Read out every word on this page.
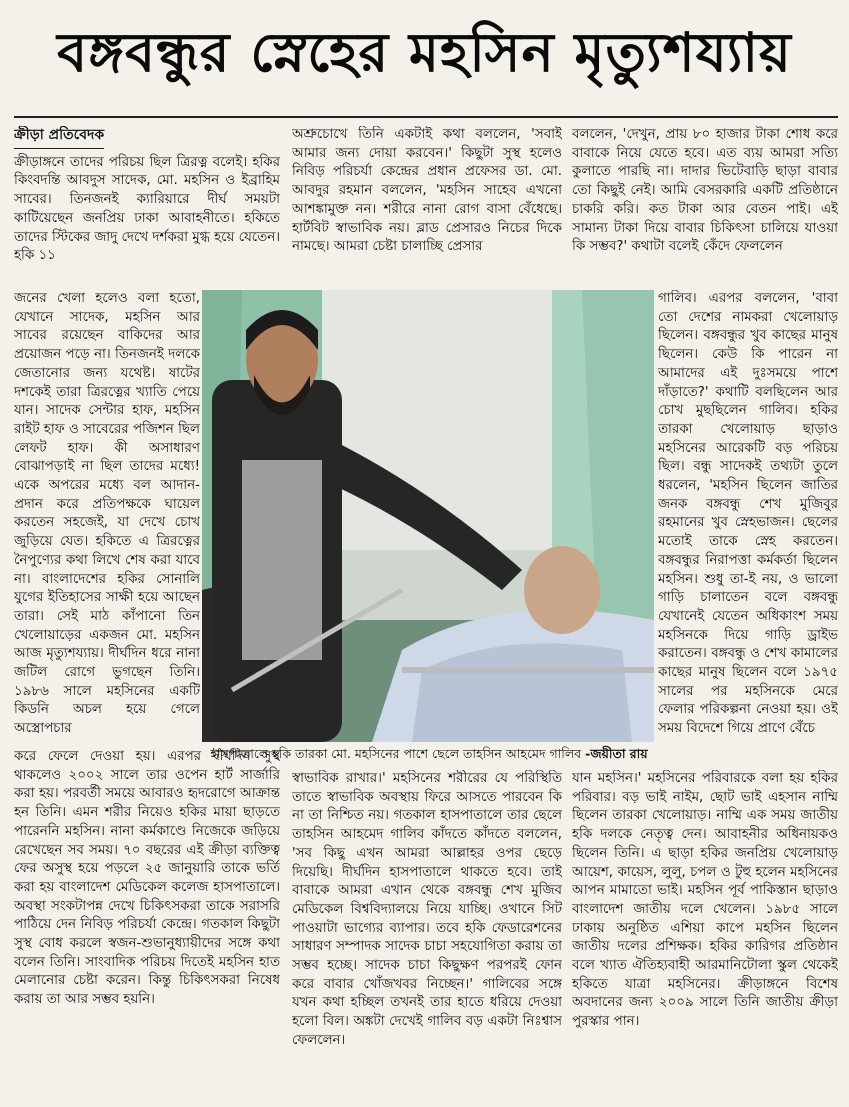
বঙ্গবন্ধুর স্নেহের মহসিন মৃত্যুশয্যায়
ক্রীড়া প্রতিবেদক

ক্রীড়াঙ্গনে তাদের পরিচয় ছিল ত্রিরত্ন বলেই। হকির কিংবদন্তি আবদুস সাদেক, মো. মহসিন ও ইব্রাহিম সাবের। তিনজনই ক্যারিয়ারে দীর্ঘ সময়টা কাটিয়েছেন জনপ্রিয় ঢাকা আবাহনীতে। হকিতে তাদের স্টিকের জাদু দেখে দর্শকরা মুগ্ধ হয়ে যেতেন। হকি ১১

জনের খেলা হলেও বলা হতো, যেখানে সাদেক, মহসিন আর সাবের রয়েছেন বাকিদের আর প্রয়োজন পড়ে না। তিনজনই দলকে জেতানোর জন্য যথেষ্ট। ষাটের দশকেই তারা ত্রিরত্নের খ্যাতি পেয়ে যান। সাদেক সেন্টার হাফ, মহসিন রাইট হাফ ও সাবেরের পজিশন ছিল লেফট হাফ। কী অসাধারণ বোঝাপড়াই না ছিল তাদের মধ্যে! একে অপরের মধ্যে বল আদান-প্রদান করে প্রতিপক্ষকে ঘায়েল করতেন সহজেই, যা দেখে চোখ জুড়িয়ে যেত। হকিতে এ ত্রিরত্নের নৈপুণ্যের কথা লিখে শেষ করা যাবে না। বাংলাদেশের হকির সোনালি যুগের ইতিহাসের সাক্ষী হয়ে আছেন তারা। সেই মাঠ কাঁপানো তিন খেলোয়াড়ের একজন মো. মহসিন আজ মৃত্যুশয্যায়। দীর্ঘদিন ধরে নানা জটিল রোগে ভুগছেন তিনি। ১৯৮৬ সালে মহসিনের একটি কিডনি অচল হয়ে গেলে অস্ত্রোপচার

করে ফেলে দেওয়া হয়। এরপর দীর্ঘদিন সুস্থ থাকলেও ২০০২ সালে তার ওপেন হার্ট সার্জারি করা হয়। পরবর্তী সময়ে আবারও হৃদরোগে আক্রান্ত হন তিনি। এমন শরীর নিয়েও হকির মায়া ছাড়তে পারেননি মহসিন। নানা কর্মকাণ্ডে নিজেকে জড়িয়ে রেখেছেন সব সময়। ৭০ বছরের এই ক্রীড়া ব্যক্তিত্ব ফের অসুস্থ হয়ে পড়লে ২৫ জানুয়ারি তাকে ভর্তি করা হয় বাংলাদেশ মেডিকেল কলেজ হাসপাতালে। অবস্থা সংকটাপন্ন দেখে চিকিৎসকরা তাকে সরাসরি পাঠিয়ে দেন নিবিড় পরিচর্যা কেন্দ্রে। গতকাল কিছুটা সুস্থ বোধ করলে স্বজন-শুভানুধ্যায়ীদের সঙ্গে কথা বলেন তিনি। সাংবাদিক পরিচয় দিতেই মহসিন হাত মেলানোর চেষ্টা করেন। কিন্তু চিকিৎসকরা নিষেধ করায় তা আর সম্ভব হয়নি।

অশ্রুচোখে তিনি একটাই কথা বললেন, 'সবাই আমার জন্য দোয়া করবেন।' কিছুটা সুস্থ হলেও নিবিড় পরিচর্যা কেন্দ্রের প্রধান প্রফেসর ডা. মো. আবদুর রহমান বললেন, 'মহসিন সাহেব এখনো আশঙ্কামুক্ত নন। শরীরে নানা রোগ বাসা বেঁধেছে। হার্টবিট স্বাভাবিক নয়। ব্লাড প্রেসারও নিচের দিকে নামছে। আমরা চেষ্টা চালাচ্ছি প্রেসার

স্বাভাবিক রাখার।' মহসিনের শরীরের যে পরিস্থিতি তাতে স্বাভাবিক অবস্থায় ফিরে আসতে পারবেন কি না তা নিশ্চিত নয়। গতকাল হাসপাতালে তার ছেলে তাহসিন আহমেদ গালিব কাঁদতে কাঁদতে বললেন, 'সব কিছু এখন আমরা আল্লাহর ওপর ছেড়ে দিয়েছি। দীর্ঘদিন হাসপাতালে থাকতে হবে। তাই বাবাকে আমরা এখান থেকে বঙ্গবন্ধু শেখ মুজিব মেডিকেল বিশ্ববিদ্যালয়ে নিয়ে যাচ্ছি। ওখানে সিট পাওয়াটা ভাগ্যের ব্যাপার। তবে হকি ফেডারেশনের সাধারণ সম্পাদক সাদেক চাচা সহযোগিতা করায় তা সম্ভব হচ্ছে। সাদেক চাচা কিছুক্ষণ পরপরই ফোন করে বাবার খোঁজখবর নিচ্ছেন।' গালিবের সঙ্গে যখন কথা হচ্ছিল তখনই তার হাতে ধরিয়ে দেওয়া হলো বিল। অঙ্কটা দেখেই গালিব বড় একটা নিঃশ্বাস ফেললেন।

বললেন, 'দেখুন, প্রায় ৮০ হাজার টাকা শোধ করে বাবাকে নিয়ে যেতে হবে। এত ব্যয় আমরা সত্যি কুলাতে পারছি না। দাদার ভিটেবাড়ি ছাড়া বাবার তো কিছুই নেই। আমি বেসরকারি একটি প্রতিষ্ঠানে চাকরি করি। কত টাকা আর বেতন পাই। এই সামান্য টাকা দিয়ে বাবার চিকিৎসা চালিয়ে যাওয়া কি সম্ভব?' কথাটা বলেই কেঁদে ফেললেন

গালিব। এরপর বললেন, 'বাবা তো দেশের নামকরা খেলোয়াড় ছিলেন। বঙ্গবন্ধুর খুব কাছের মানুষ ছিলেন। কেউ কি পারেন না আমাদের এই দুঃসময়ে পাশে দাঁড়াতে?' কথাটি বলছিলেন আর চোখ মুছছিলেন গালিব। হকির তারকা খেলোয়াড় ছাড়াও মহসিনের আরেকটি বড় পরিচয় ছিল। বন্ধু সাদেকই তথ্যটা তুলে ধরলেন, 'মহসিন ছিলেন জাতির জনক বঙ্গবন্ধু শেখ মুজিবুর রহমানের খুব স্নেহভাজন। ছেলের মতোই তাকে স্নেহ করতেন। বঙ্গবন্ধুর নিরাপত্তা কর্মকর্তা ছিলেন মহসিন। শুধু তা-ই নয়, ও ভালো গাড়ি চালাতেন বলে বঙ্গবন্ধু যেখানেই যেতেন অধিকাংশ সময় মহসিনকে দিয়ে গাড়ি ড্রাইভ করাতেন। বঙ্গবন্ধু ও শেখ কামালের কাছের মানুষ ছিলেন বলে ১৯৭৫ সালের পর মহসিনকে মেরে ফেলার পরিকল্পনা নেওয়া হয়। ওই সময় বিদেশে গিয়ে প্রাণে বেঁচে

যান মহসিন।' মহসিনের পরিবারকে বলা হয় হকির পরিবার। বড় ভাই নাইম, ছোট ভাই এহসান নাম্মি ছিলেন তারকা খেলোয়াড়। নাম্মি এক সময় জাতীয় হকি দলকে নেতৃত্ব দেন। আবাহনীর অধিনায়কও ছিলেন তিনি। এ ছাড়া হকির জনপ্রিয় খেলোয়াড় আয়েশ, কায়েস, লুলু, চপল ও টুহু হলেন মহসিনের আপন মামাতো ভাই। মহসিন পূর্ব পাকিস্তান ছাড়াও বাংলাদেশ জাতীয় দলে খেলেন। ১৯৮৫ সালে ঢাকায় অনুষ্ঠিত এশিয়া কাপে মহসিন ছিলেন জাতীয় দলের প্রশিক্ষক। হকির কারিগর প্রতিষ্ঠান বলে খ্যাত ঐতিহ্যবাহী আরমানিটোলা স্কুল থেকেই হকিতে যাত্রা মহসিনের। ক্রীড়াঙ্গনে বিশেষ অবদানের জন্য ২০০৯ সালে তিনি জাতীয় ক্রীড়া পুরস্কার পান।

হাসপাতালে হকি তারকা মো. মহসিনের পাশে ছেলে তাহসিন আহমেদ গালিব -জয়ীতা রায়
